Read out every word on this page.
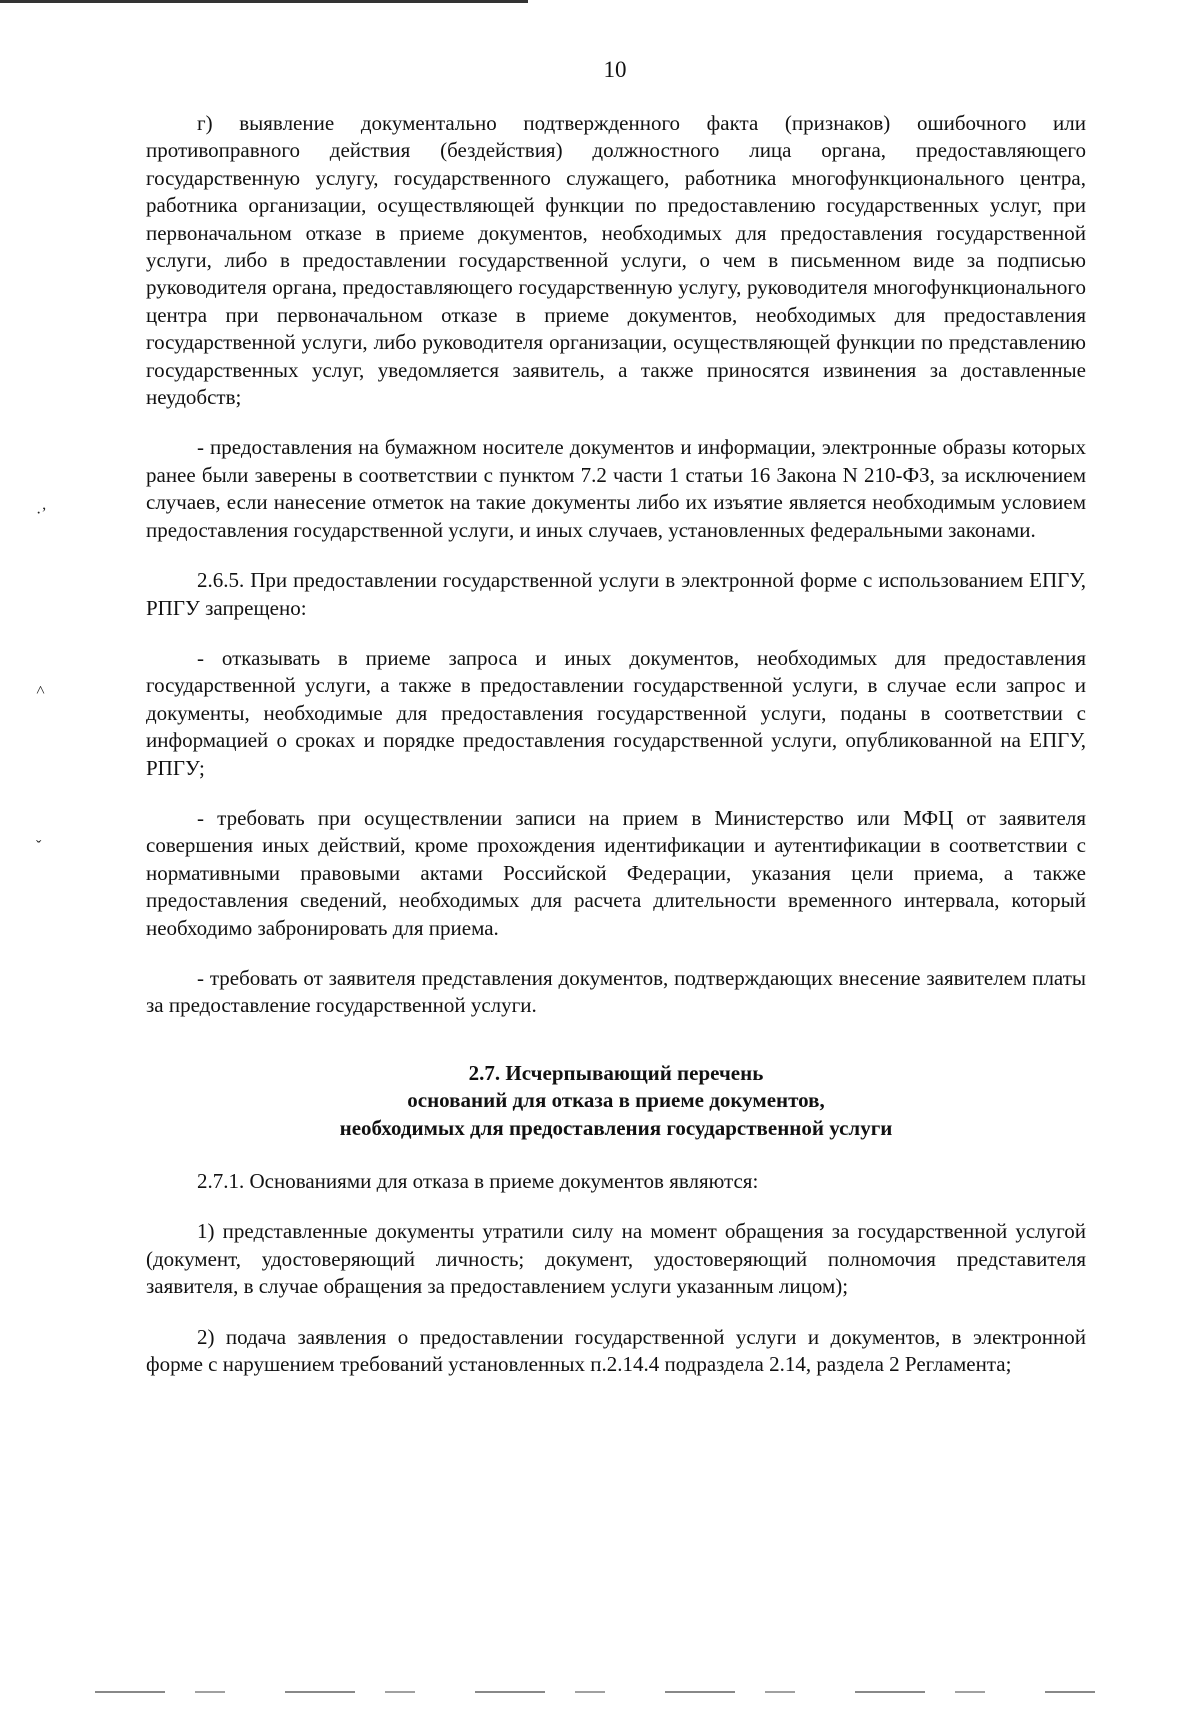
10
·’
˄
ˇ

г) выявление документально подтвержденного факта (признаков) ошибочного или противоправного действия (бездействия) должностного лица органа, предоставляющего государственную услугу, государственного служащего, работника многофункционального центра, работника организации, осуществляющей функции по предоставлению государственных услуг, при первоначальном отказе в приеме документов, необходимых для предоставления государственной услуги, либо в предоставлении государственной услуги, о чем в письменном виде за подписью руководителя органа, предоставляющего государственную услугу, руководителя многофункционального центра при первоначальном отказе в приеме документов, необходимых для предоставления государственной услуги, либо руководителя организации, осуществляющей функции по представлению государственных услуг, уведомляется заявитель, а также приносятся извинения за доставленные неудобств;

- предоставления на бумажном носителе документов и информации, электронные образы которых ранее были заверены в соответствии с пунктом 7.2 части 1 статьи 16 Закона N 210-ФЗ, за исключением случаев, если нанесение отметок на такие документы либо их изъятие является необходимым условием предоставления государственной услуги, и иных случаев, установленных федеральными законами.

2.6.5. При предоставлении государственной услуги в электронной форме с использованием ЕПГУ, РПГУ запрещено:

- отказывать в приеме запроса и иных документов, необходимых для предоставления государственной услуги, а также в предоставлении государственной услуги, в случае если запрос и документы, необходимые для предоставления государственной услуги, поданы в соответствии с информацией о сроках и порядке предоставления государственной услуги, опубликованной на ЕПГУ, РПГУ;

- требовать при осуществлении записи на прием в Министерство или МФЦ от заявителя совершения иных действий, кроме прохождения идентификации и аутентификации в соответствии с нормативными правовыми актами Российской Федерации, указания цели приема, а также предоставления сведений, необходимых для расчета длительности временного интервала, который необходимо забронировать для приема.

- требовать от заявителя представления документов, подтверждающих внесение заявителем платы за предоставление государственной услуги.

2.7. Исчерпывающий перечень
оснований для отказа в приеме документов,
необходимых для предоставления государственной услуги

2.7.1. Основаниями для отказа в приеме документов являются:

1) представленные документы утратили силу на момент обращения за государственной услугой (документ, удостоверяющий личность; документ, удостоверяющий полномочия представителя заявителя, в случае обращения за предоставлением услуги указанным лицом);

2) подача заявления о предоставлении государственной услуги и документов, в электронной форме с нарушением требований установленных п.2.14.4 подраздела 2.14, раздела 2 Регламента;
